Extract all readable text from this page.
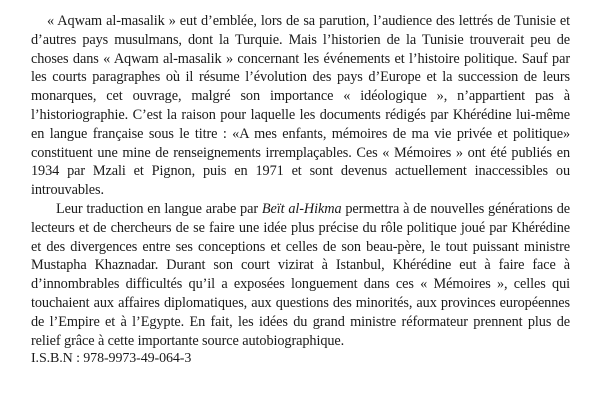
« Aqwam al-masalik » eut d’emblée, lors de sa parution, l’audience des lettrés de Tunisie et d’autres pays musulmans, dont la Turquie. Mais l’historien de la Tunisie trouverait peu de choses dans « Aqwam al-masalik » concernant les événements et l’histoire politique. Sauf par les courts paragraphes où il résume l’évolution des pays d’Europe et la succession de leurs monarques, cet ouvrage, malgré son importance « idéologique », n’appartient pas à l’historiographie. C’est la raison pour laquelle les documents rédigés par Khérédine lui-même en langue française sous le titre : «A mes enfants, mémoires de ma vie privée et politique» constituent une mine de renseignements irremplaçables. Ces « Mémoires » ont été publiés en 1934 par Mzali et Pignon, puis en 1971 et sont devenus actuellement inaccessibles ou introuvables.

Leur traduction en langue arabe par Beït al-Hikma permettra à de nouvelles générations de lecteurs et de chercheurs de se faire une idée plus précise du rôle politique joué par Khérédine et des divergences entre ses conceptions et celles de son beau-père, le tout puissant ministre Mustapha Khaznadar. Durant son court vizirat à Istanbul, Khérédine eut à faire face à d’innombrables difficultés qu’il a exposées longuement dans ces « Mémoires », celles qui touchaient aux affaires diplomatiques, aux questions des minorités, aux provinces européennes de l’Empire et à l’Egypte. En fait, les idées du grand ministre réformateur prennent plus de relief grâce à cette importante source autobiographique.

I.S.B.N : 978-9973-49-064-3
